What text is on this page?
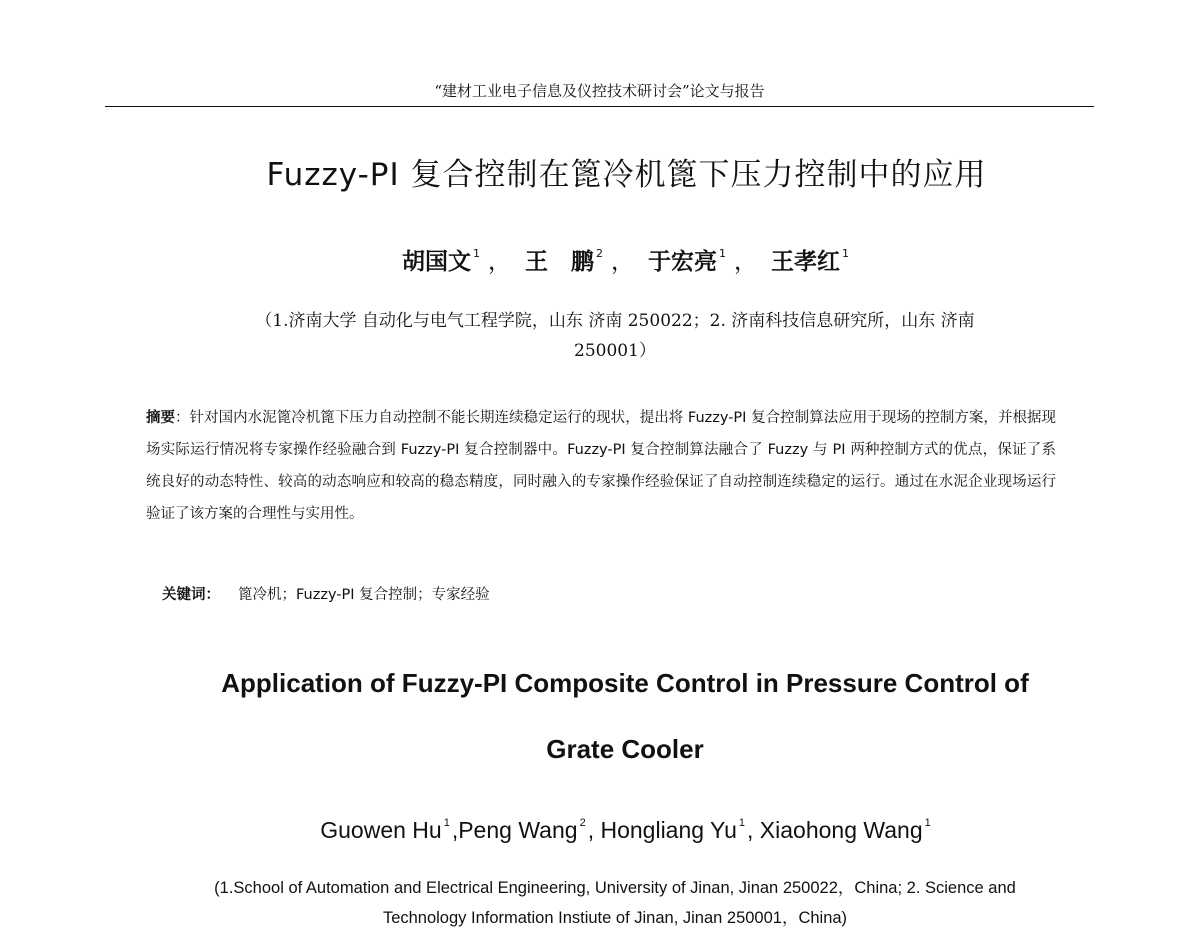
“建材工业电子信息及仪控技术研讨会”论文与报告
Fuzzy-PI 复合控制在篦冷机篦下压力控制中的应用
胡国文 $^1$ ， 王　鹏 $^2$ ， 于宏亮 $^1$ ， 王孝红 $^1$
（1.济南大学 自动化与电气工程学院，山东 济南 250022；2. 济南科技信息研究所，山东 济南
250001）
摘要：针对国内水泥篦冷机篦下压力自动控制不能长期连续稳定运行的现状，提出将 Fuzzy-PI 复合控制算法应用于现场的控制方案，并根据现场实际运行情况将专家操作经验融合到 Fuzzy-PI 复合控制器中。Fuzzy-PI 复合控制算法融合了 Fuzzy 与 PI 两种控制方式的优点，保证了系统良好的动态特性、较高的动态响应和较高的稳态精度，同时融入的专家操作经验保证了自动控制连续稳定的运行。通过在水泥企业现场运行验证了该方案的合理性与实用性。
关键词： 篦冷机；Fuzzy-PI 复合控制；专家经验
Application of Fuzzy-PI Composite Control in Pressure Control of
Grate Cooler
Guowen Hu $^1$,Peng Wang $^2$, Hongliang Yu $^1$, Xiaohong Wang $^1$
(1.School of Automation and Electrical Engineering, University of Jinan, Jinan 250022，China; 2. Science and
Technology Information Instiute of Jinan, Jinan 250001，China)
